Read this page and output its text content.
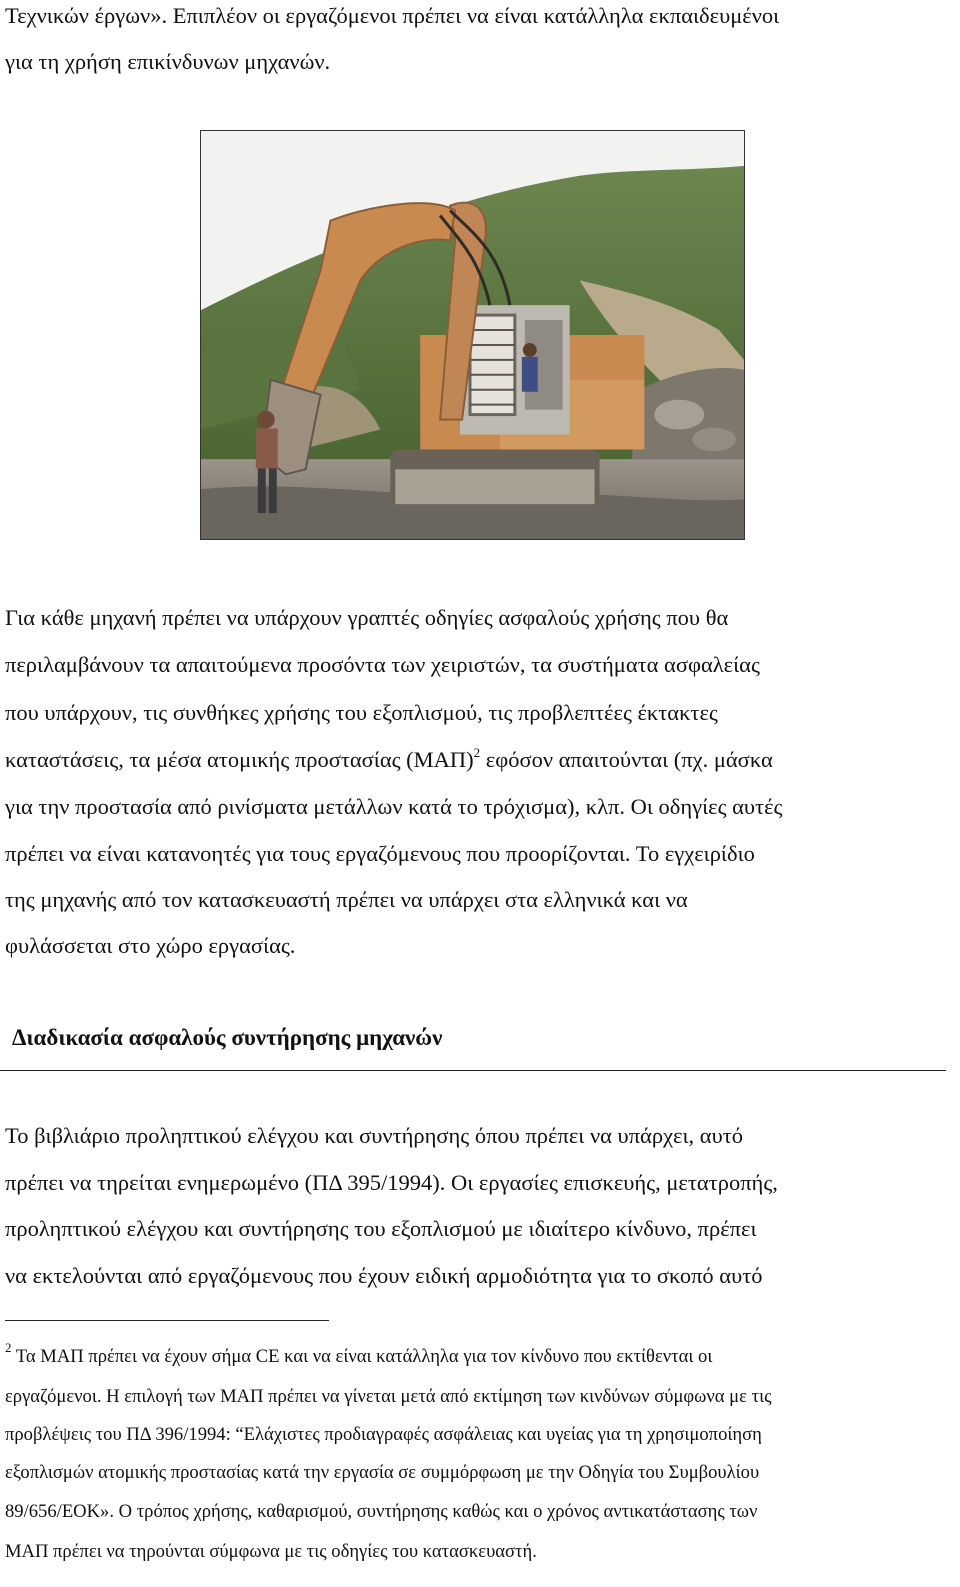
Τεχνικών έργων». Επιπλέον οι εργαζόμενοι πρέπει να είναι κατάλληλα εκπαιδευμένοι
για τη χρήση επικίνδυνων μηχανών.
Για κάθε μηχανή πρέπει να υπάρχουν γραπτές οδηγίες ασφαλούς χρήσης που θα
περιλαμβάνουν τα απαιτούμενα προσόντα των χειριστών, τα συστήματα ασφαλείας
που υπάρχουν, τις συνθήκες χρήσης του εξοπλισμού, τις προβλεπτέες έκτακτες
καταστάσεις, τα μέσα ατομικής προστασίας $(MA\Pi)^2$ εφόσον απαιτούνται (πχ. μάσκα
για την προστασία από ρινίσματα μετάλλων κατά το τρόχισμα), κλπ. Οι οδηγίες αυτές
πρέπει να είναι κατανοητές για τους εργαζόμενους που προορίζονται. Το εγχειρίδιο
της μηχανής από τον κατασκευαστή πρέπει να υπάρχει στα ελληνικά και να
φυλάσσεται στο χώρο εργασίας.
Διαδικασία ασφαλούς συντήρησης μηχανών
Το βιβλιάριο προληπτικού ελέγχου και συντήρησης όπου πρέπει να υπάρχει, αυτό
πρέπει να τηρείται ενημερωμένο (ΠΔ 395/1994). Οι εργασίες επισκευής, μετατροπής,
προληπτικού ελέγχου και συντήρησης του εξοπλισμού με ιδιαίτερο κίνδυνο, πρέπει
να εκτελούνται από εργαζόμενους που έχουν ειδική αρμοδιότητα για το σκοπό αυτό
$^2$ Τα ΜΑΠ πρέπει να έχουν σήμα CE και να είναι κατάλληλα για τον κίνδυνο που εκτίθενται οι
εργαζόμενοι. Η επιλογή των ΜΑΠ πρέπει να γίνεται μετά από εκτίμηση των κινδύνων σύμφωνα με τις
προβλέψεις του ΠΔ 396/1994: “Ελάχιστες προδιαγραφές ασφάλειας και υγείας για τη χρησιμοποίηση
εξοπλισμών ατομικής προστασίας κατά την εργασία σε συμμόρφωση με την Οδηγία του Συμβουλίου
89/656/ΕΟΚ». Ο τρόπος χρήσης, καθαρισμού, συντήρησης καθώς και ο χρόνος αντικατάστασης των
ΜΑΠ πρέπει να τηρούνται σύμφωνα με τις οδηγίες του κατασκευαστή.
